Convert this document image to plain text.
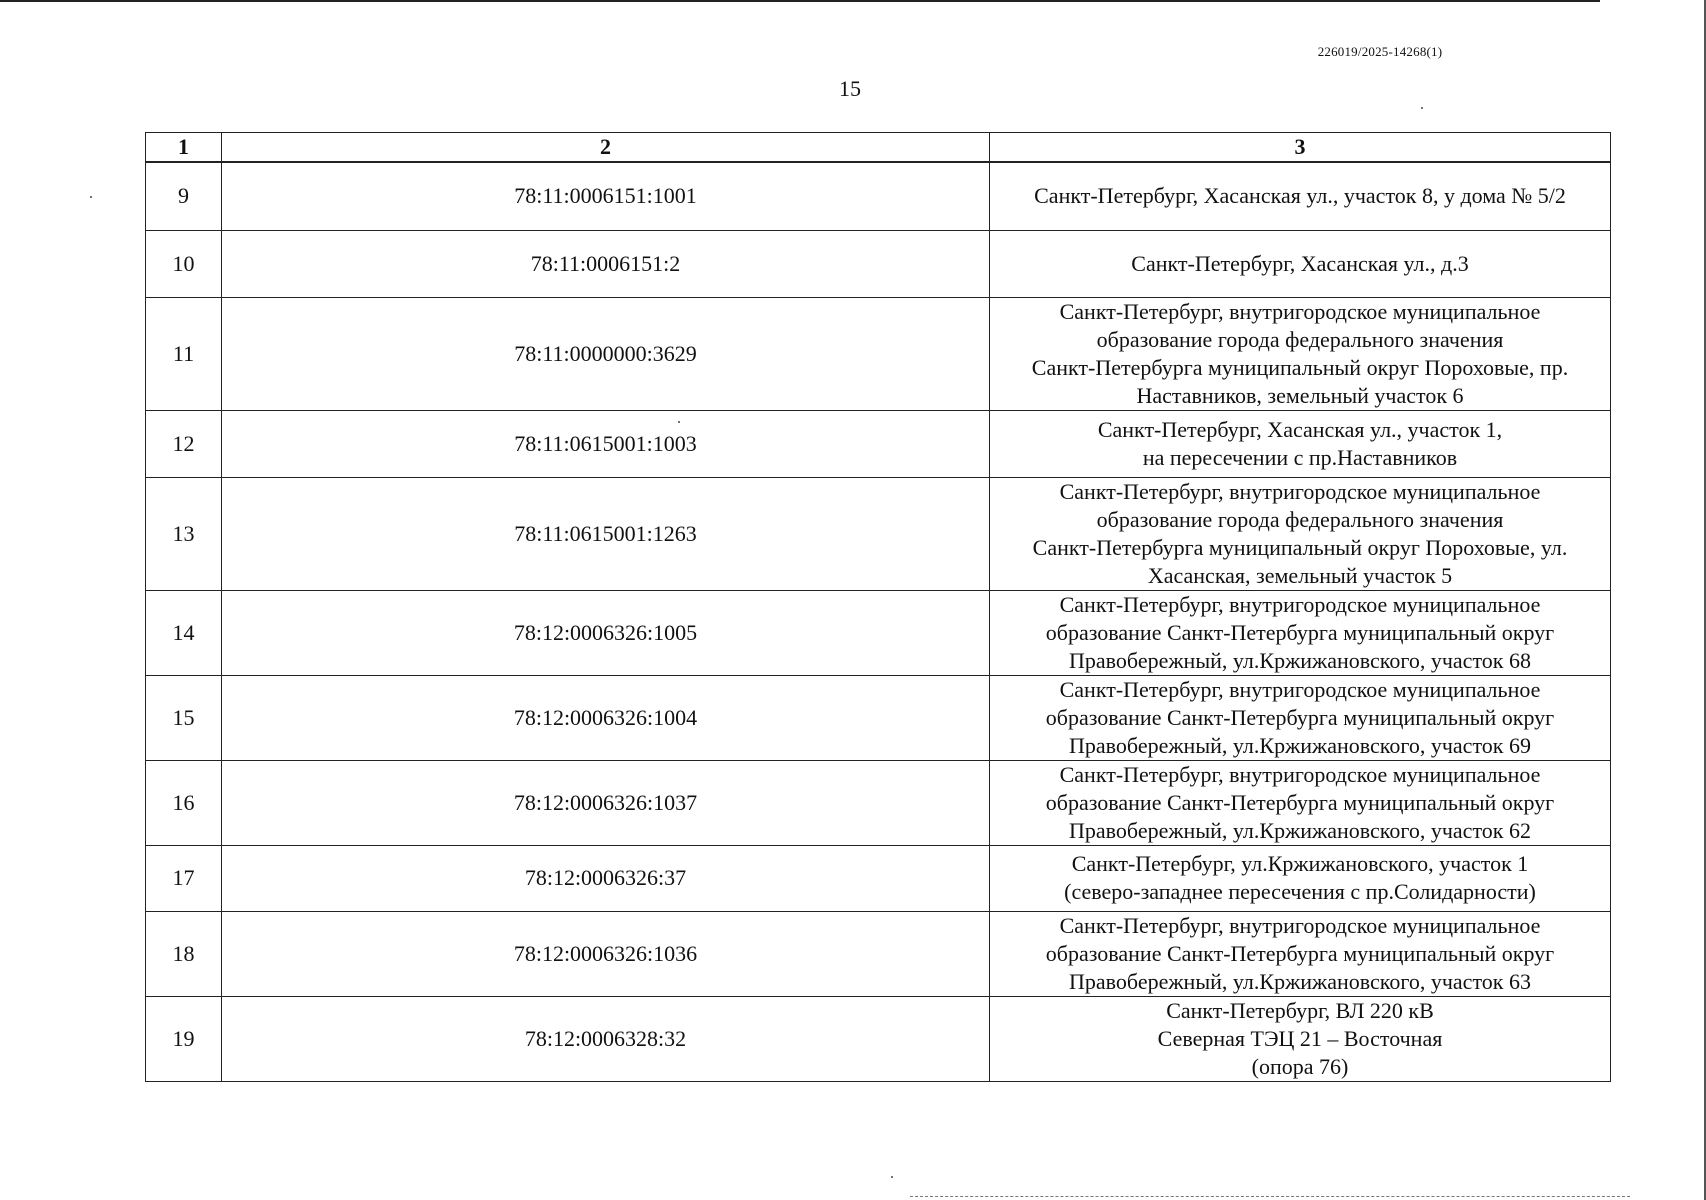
226019/2025-14268(1)
15
1	2	3
9	78:11:0006151:1001	Санкт-Петербург, Хасанская ул., участок 8, у дома № 5/2
10	78:11:0006151:2	Санкт-Петербург, Хасанская ул., д.3
11	78:11:0000000:3629	Санкт-Петербург, внутригородское муниципальное
образование города федерального значения
Санкт-Петербурга муниципальный округ Пороховые, пр.
Наставников, земельный участок 6
12	78:11:0615001:1003	Санкт-Петербург, Хасанская ул., участок 1,
на пересечении с пр.Наставников
13	78:11:0615001:1263	Санкт-Петербург, внутригородское муниципальное
образование города федерального значения
Санкт-Петербурга муниципальный округ Пороховые, ул.
Хасанская, земельный участок 5
14	78:12:0006326:1005	Санкт-Петербург, внутригородское муниципальное
образование Санкт-Петербурга муниципальный округ
Правобережный, ул.Кржижановского, участок 68
15	78:12:0006326:1004	Санкт-Петербург, внутригородское муниципальное
образование Санкт-Петербурга муниципальный округ
Правобережный, ул.Кржижановского, участок 69
16	78:12:0006326:1037	Санкт-Петербург, внутригородское муниципальное
образование Санкт-Петербурга муниципальный округ
Правобережный, ул.Кржижановского, участок 62
17	78:12:0006326:37	Санкт-Петербург, ул.Кржижановского, участок 1
(северо-западнее пересечения с пр.Солидарности)
18	78:12:0006326:1036	Санкт-Петербург, внутригородское муниципальное
образование Санкт-Петербурга муниципальный округ
Правобережный, ул.Кржижановского, участок 63
19	78:12:0006328:32	Санкт-Петербург, ВЛ 220 кВ
Северная ТЭЦ 21 – Восточная
(опора 76)
